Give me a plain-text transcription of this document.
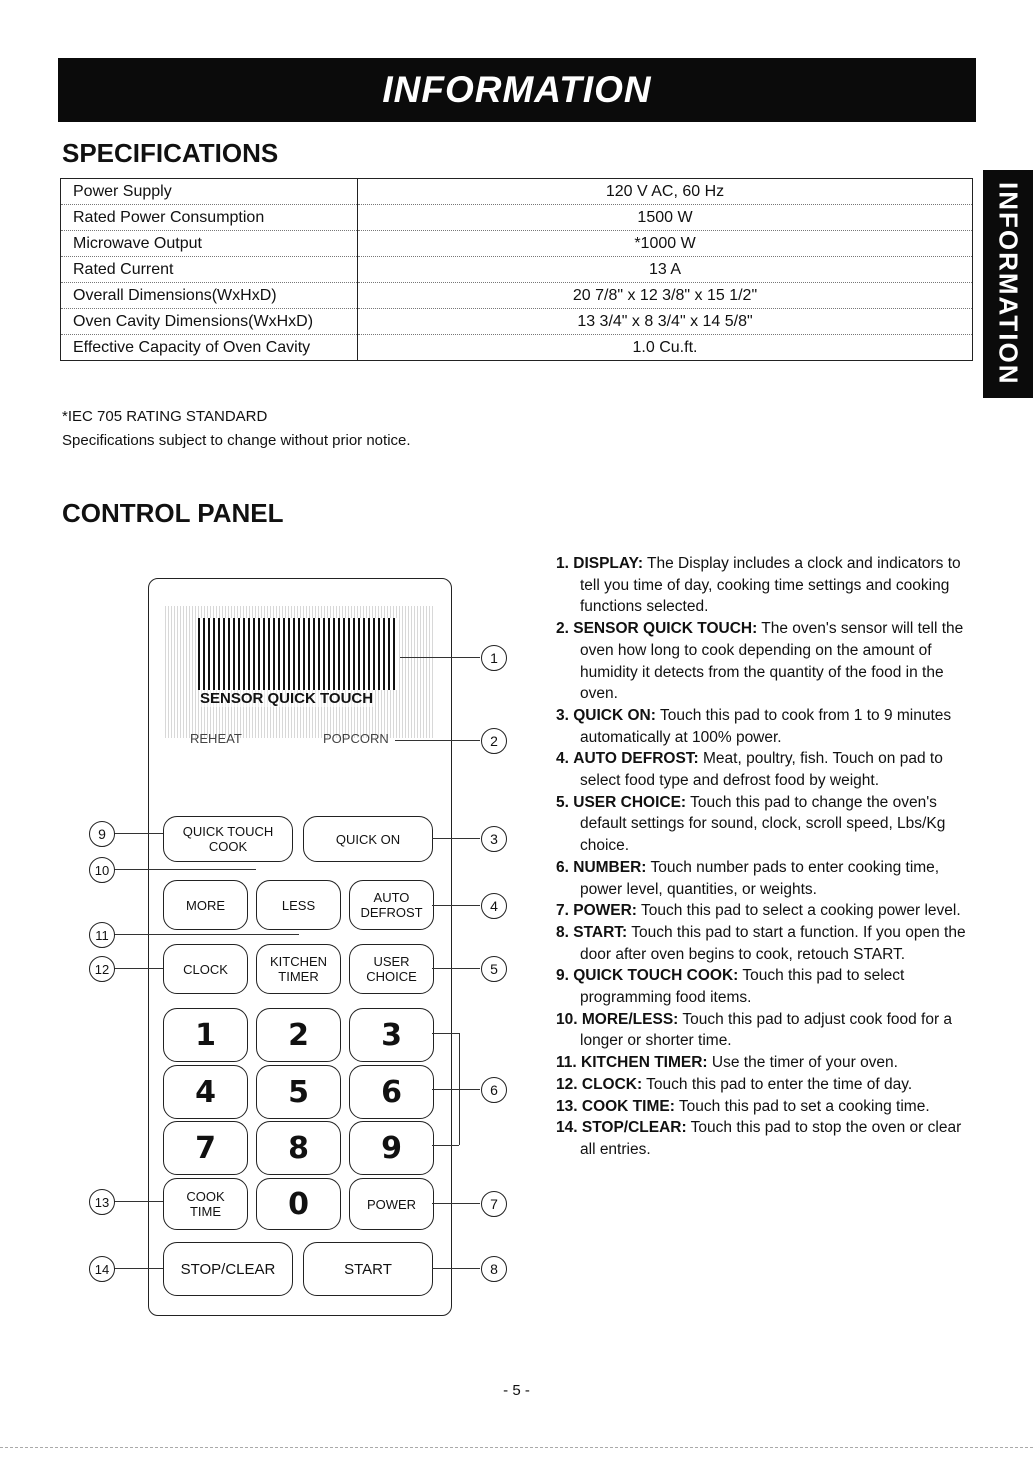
INFORMATION
INFORMATION
SPECIFICATIONS
Power Supply	120 V AC, 60 Hz
Rated Power Consumption	1500 W
Microwave Output	*1000 W
Rated Current	13 A
Overall Dimensions(WxHxD)	20 7/8" x 12 3/8" x 15 1/2"
Oven Cavity Dimensions(WxHxD)	13 3/4" x 8 3/4" x 14 5/8"
Effective Capacity of Oven Cavity	1.0 Cu.ft.
*IEC 705 RATING STANDARD
Specifications subject to change without prior notice.
CONTROL PANEL
SENSOR QUICK TOUCH
REHEAT	POPCORN
QUICK TOUCH
COOK	QUICK ON
MORE	LESS	AUTO
DEFROST
CLOCK	KITCHEN
TIMER
USER
CHOICE
1	2	3
4	5	6
7	8	9
COOK
TIME	0	POWER
STOP/CLEAR	START
1
2
3
4
5
6
7
8
9
10
11
12
13
14
1. DISPLAY: The Display includes a clock and indicators to tell you time of day, cooking time settings and cooking functions selected.
2. SENSOR QUICK TOUCH: The oven's sensor will tell the oven how long to cook depending on the amount of humidity it detects from the quantity of the food in the oven.
3. QUICK ON: Touch this pad to cook from 1 to 9 minutes automatically at 100% power.
4. AUTO DEFROST: Meat, poultry, fish. Touch on pad to select food type and defrost food by weight.
5. USER CHOICE: Touch this pad to change the oven's default settings for sound, clock, scroll speed, Lbs/Kg choice.
6. NUMBER: Touch number pads to enter cooking time, power level, quantities, or weights.
7. POWER: Touch this pad to select a cooking power level.
8. START: Touch this pad to start a function. If you open the door after oven begins to cook, retouch START.
9. QUICK TOUCH COOK: Touch this pad to select programming food items.
10. MORE/LESS: Touch this pad to adjust cook food for a longer or shorter time.
11. KITCHEN TIMER: Use the timer of your oven.
12. CLOCK: Touch this pad to enter the time of day.
13. COOK TIME: Touch this pad to set a cooking time.
14. STOP/CLEAR: Touch this pad to stop the oven or clear all entries.
- 5 -
